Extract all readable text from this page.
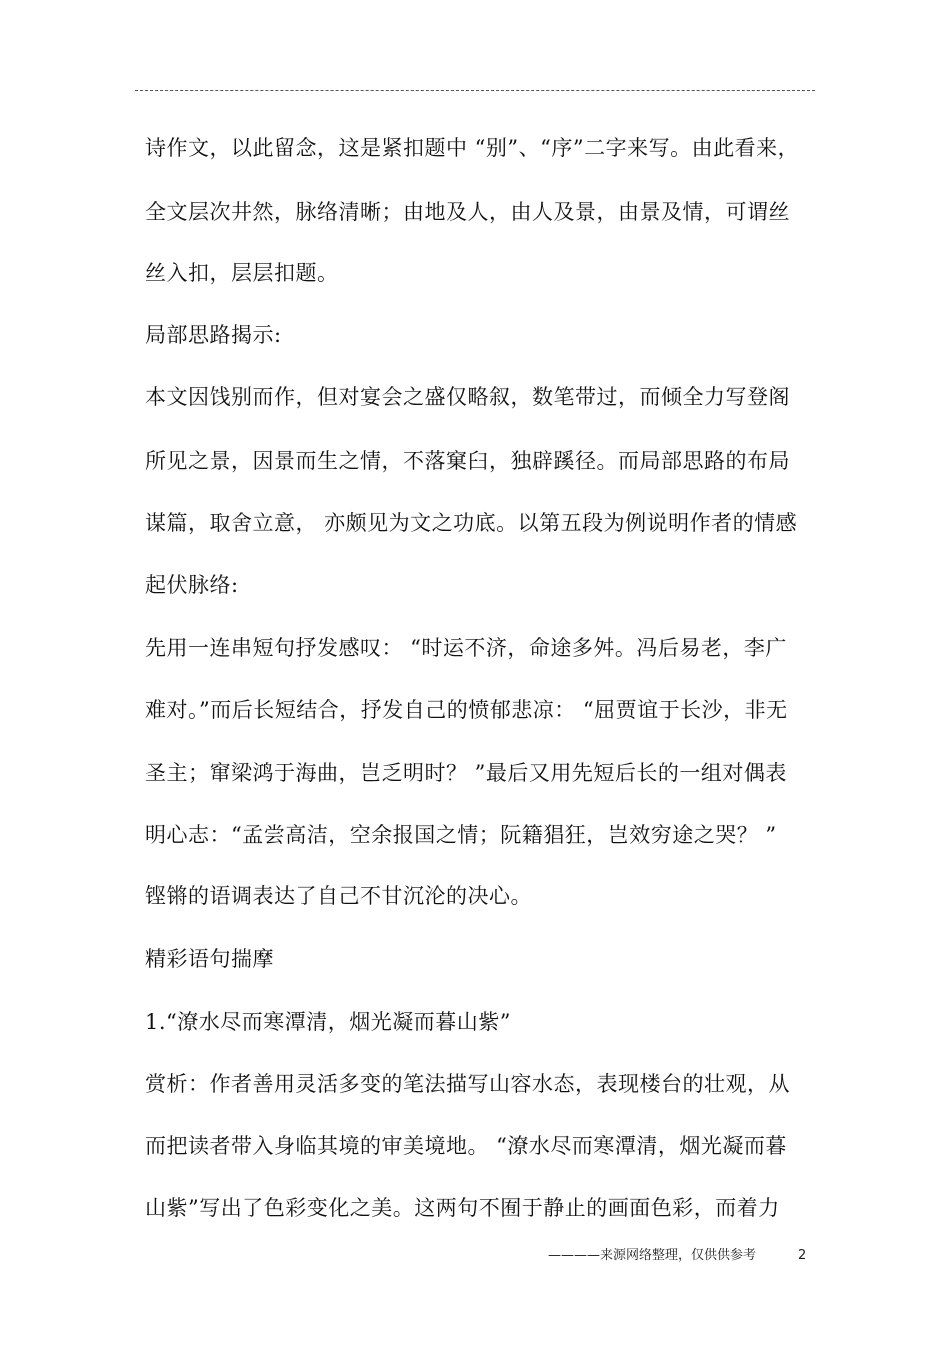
诗作文，以此留念，这是紧扣题中 “别”、“序”二字来写。由此看来，
全文层次井然，脉络清晰；由地及人，由人及景，由景及情，可谓丝
丝入扣，层层扣题。
局部思路揭示:
本文因饯别而作，但对宴会之盛仅略叙，数笔带过，而倾全力写登阁
所见之景，因景而生之情，不落窠臼，独辟蹊径。而局部思路的布局
谋篇，取舍立意， 亦颇见为文之功底。以第五段为例说明作者的情感
起伏脉络:
先用一连串短句抒发感叹： “时运不济，命途多舛。冯后易老，李广
难对。”而后长短结合，抒发自己的愤郁悲凉： “屈贾谊于长沙，非无
圣主；窜梁鸿于海曲，岂乏明时？ ”最后又用先短后长的一组对偶表
明心志：“孟尝高洁，空余报国之情；阮籍猖狂，岂效穷途之哭？ ”
铿锵的语调表达了自己不甘沉沦的决心。
精彩语句揣摩
1.“潦水尽而寒潭清，烟光凝而暮山紫”
赏析：作者善用灵活多变的笔法描写山容水态，表现楼台的壮观，从
而把读者带入身临其境的审美境地。 “潦水尽而寒潭清，烟光凝而暮
山紫”写出了色彩变化之美。这两句不囿于静止的画面色彩，而着力
————来源网络整理，仅供供参考	2
